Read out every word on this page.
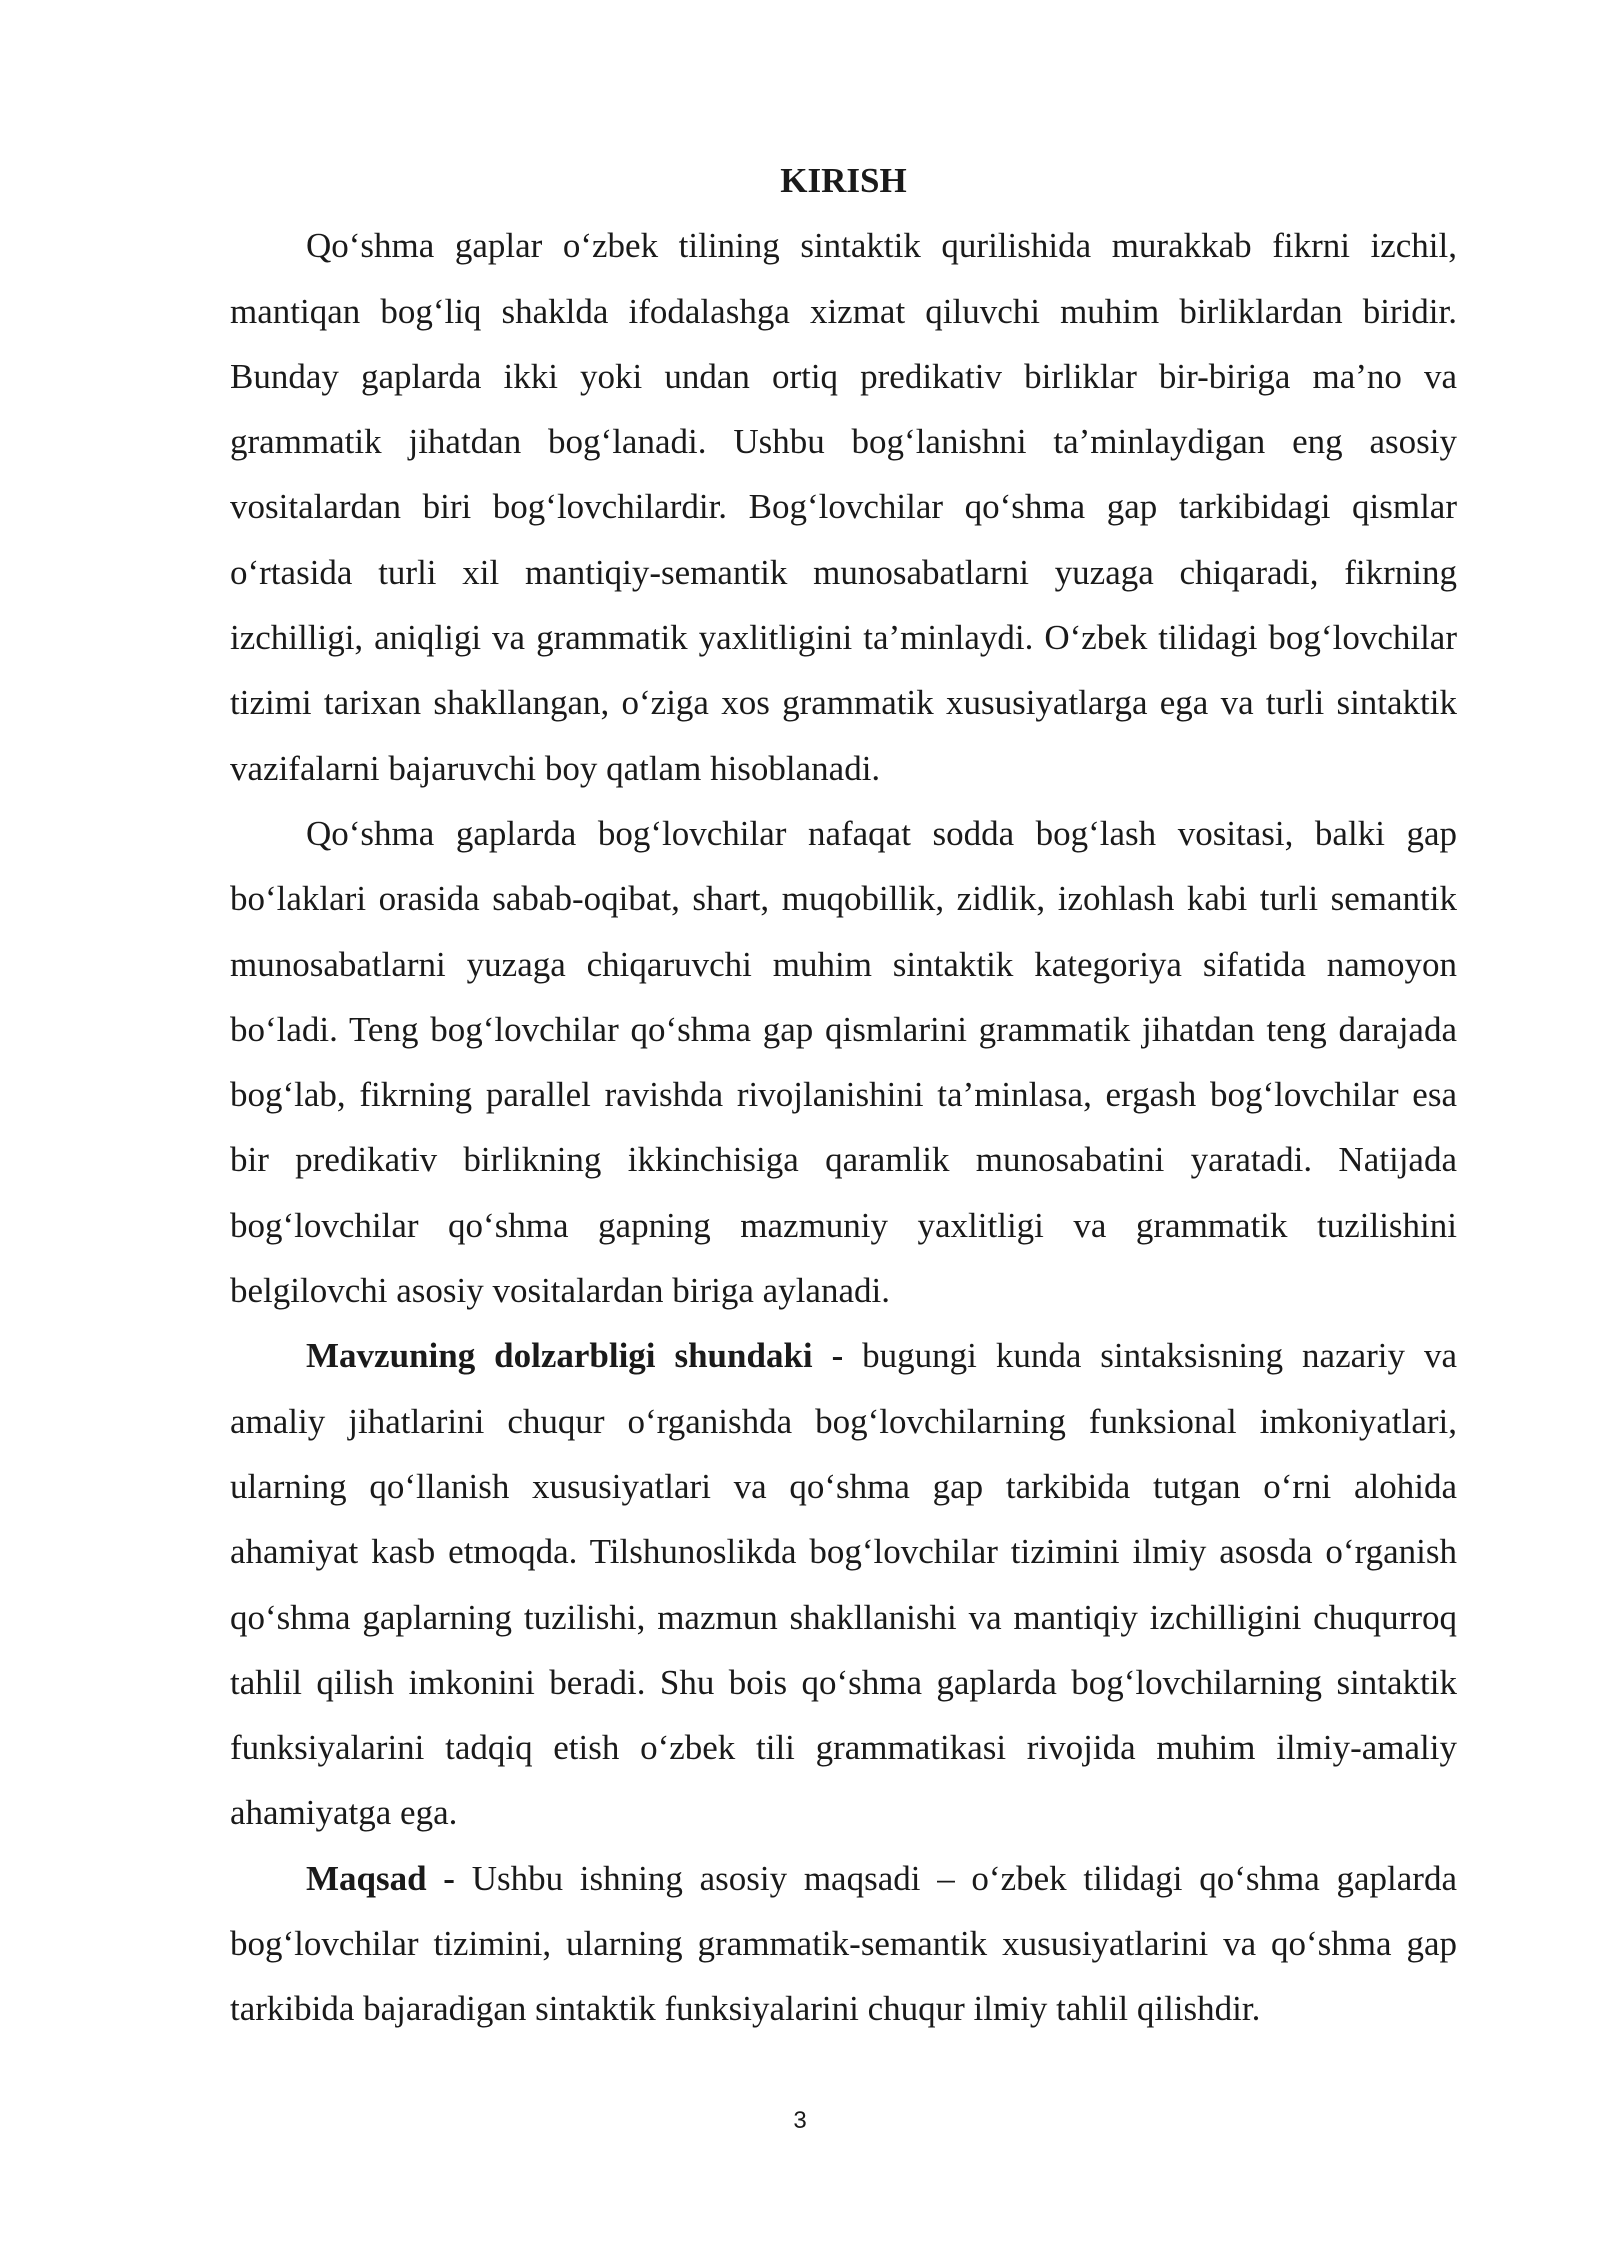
KIRISH

Qo‘shma gaplar o‘zbek tilining sintaktik qurilishida murakkab fikrni izchil, mantiqan bog‘liq shaklda ifodalashga xizmat qiluvchi muhim birliklardan biridir. Bunday gaplarda ikki yoki undan ortiq predikativ birliklar bir-biriga ma’no va grammatik jihatdan bog‘lanadi. Ushbu bog‘lanishni ta’minlaydigan eng asosiy vositalardan biri bog‘lovchilardir. Bog‘lovchilar qo‘shma gap tarkibidagi qismlar o‘rtasida turli xil mantiqiy-semantik munosabatlarni yuzaga chiqaradi, fikrning izchilligi, aniqligi va grammatik yaxlitligini ta’minlaydi. O‘zbek tilidagi bog‘lovchilar tizimi tarixan shakllangan, o‘ziga xos grammatik xususiyatlarga ega va turli sintaktik vazifalarni bajaruvchi boy qatlam hisoblanadi.

Qo‘shma gaplarda bog‘lovchilar nafaqat sodda bog‘lash vositasi, balki gap bo‘laklari orasida sabab-oqibat, shart, muqobillik, zidlik, izohlash kabi turli semantik munosabatlarni yuzaga chiqaruvchi muhim sintaktik kategoriya sifatida namoyon bo‘ladi. Teng bog‘lovchilar qo‘shma gap qismlarini grammatik jihatdan teng darajada bog‘lab, fikrning parallel ravishda rivojlanishini ta’minlasa, ergash bog‘lovchilar esa bir predikativ birlikning ikkinchisiga qaramlik munosabatini yaratadi. Natijada bog‘lovchilar qo‘shma gapning mazmuniy yaxlitligi va grammatik tuzilishini belgilovchi asosiy vositalardan biriga aylanadi.

Mavzuning dolzarbligi shundaki - bugungi kunda sintaksisning nazariy va amaliy jihatlarini chuqur o‘rganishda bog‘lovchilarning funksional imkoniyatlari, ularning qo‘llanish xususiyatlari va qo‘shma gap tarkibida tutgan o‘rni alohida ahamiyat kasb etmoqda. Tilshunoslikda bog‘lovchilar tizimini ilmiy asosda o‘rganish qo‘shma gaplarning tuzilishi, mazmun shakllanishi va mantiqiy izchilligini chuqurroq tahlil qilish imkonini beradi. Shu bois qo‘shma gaplarda bog‘lovchilarning sintaktik funksiyalarini tadqiq etish o‘zbek tili grammatikasi rivojida muhim ilmiy-amaliy ahamiyatga ega.

Maqsad - Ushbu ishning asosiy maqsadi – o‘zbek tilidagi qo‘shma gaplarda bog‘lovchilar tizimini, ularning grammatik-semantik xususiyatlarini va qo‘shma gap tarkibida bajaradigan sintaktik funksiyalarini chuqur ilmiy tahlil qilishdir.

3
